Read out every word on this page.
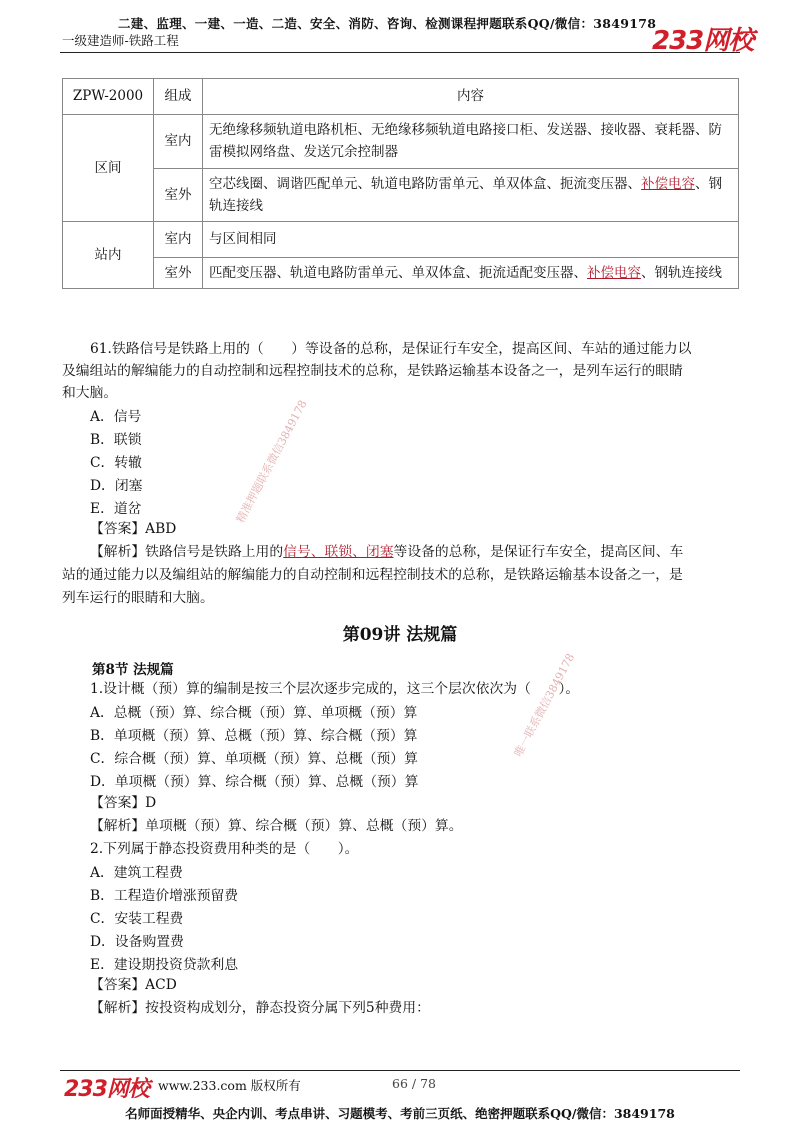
二建、监理、一建、一造、二造、安全、消防、咨询、检测课程押题联系QQ/微信：3849178
一级建造师-铁路工程	233网校
ZPW-2000	组成	内容
区间	室内	无绝缘移频轨道电路机柜、无绝缘移频轨道电路接口柜、发送器、接收器、衰耗器、防雷模拟网络盘、发送冗余控制器
	室外	空芯线圈、调谐匹配单元、轨道电路防雷单元、单双体盒、扼流变压器、补偿电容、钢轨连接线
站内	室内	与区间相同
	室外	匹配变压器、轨道电路防雷单元、单双体盒、扼流适配变压器、补偿电容、钢轨连接线
61.铁路信号是铁路上用的（　　）等设备的总称，是保证行车安全，提高区间、车站的通过能力以
及编组站的解编能力的自动控制和远程控制技术的总称，是铁路运输基本设备之一，是列车运行的眼睛
和大脑。
A．信号
B．联锁
C．转辙
D．闭塞
E．道岔
【答案】ABD
【解析】铁路信号是铁路上用的信号、联锁、闭塞等设备的总称，是保证行车安全，提高区间、车
站的通过能力以及编组站的解编能力的自动控制和远程控制技术的总称，是铁路运输基本设备之一，是
列车运行的眼睛和大脑。
第09讲 法规篇
第8节 法规篇
1.设计概（预）算的编制是按三个层次逐步完成的，这三个层次依次为（　　）。
A．总概（预）算、综合概（预）算、单项概（预）算
B．单项概（预）算、总概（预）算、综合概（预）算
C．综合概（预）算、单项概（预）算、总概（预）算
D．单项概（预）算、综合概（预）算、总概（预）算
【答案】D
【解析】单项概（预）算、综合概（预）算、总概（预）算。
2.下列属于静态投资费用种类的是（　　）。
A．建筑工程费
B．工程造价增涨预留费
C．安装工程费
D．设备购置费
E．建设期投资贷款利息
【答案】ACD
【解析】按投资构成划分，静态投资分属下列5种费用：
精准押题联系微信3849178
唯一联系微信3849178
233网校 www.233.com 版权所有	66 / 78
名师面授精华、央企内训、考点串讲、习题模考、考前三页纸、绝密押题联系QQ/微信：3849178
